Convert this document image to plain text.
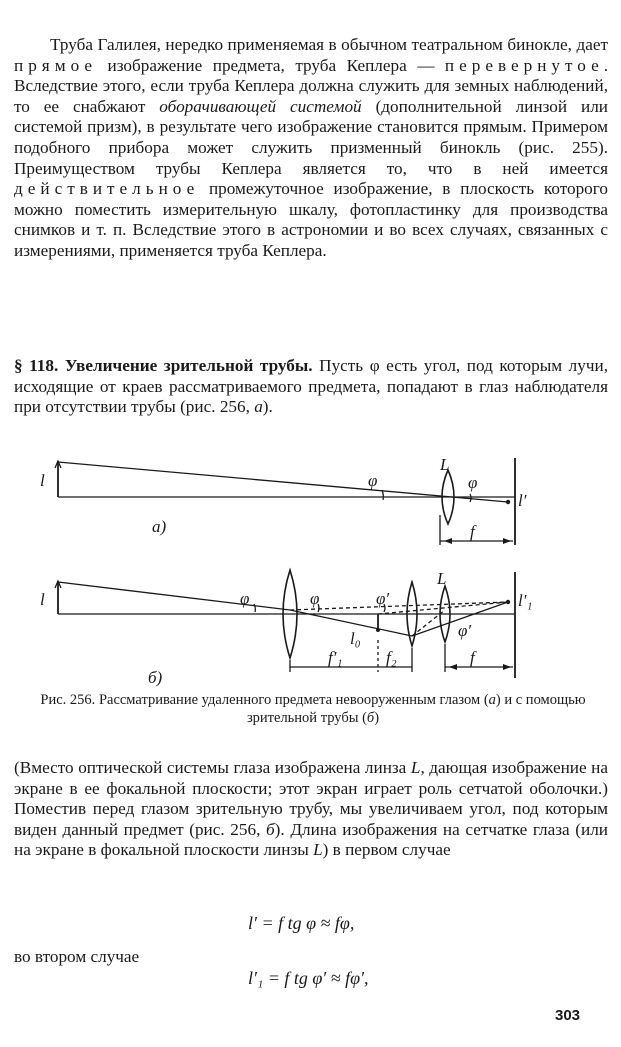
Труба Галилея, нередко применяемая в обычном театральном бинокле, дает прямое изображение предмета, труба Кеплера — перевернутое. Вследствие этого, если труба Кеплера должна служить для земных наблюдений, то ее снабжают оборачивающей системой (дополнительной линзой или системой призм), в результате чего изображение становится прямым. Примером подобного прибора может служить призменный бинокль (рис. 255). Преимуществом трубы Кеплера является то, что в ней имеется действительное промежуточное изображение, в плоскость которого можно поместить измерительную шкалу, фотопластинку для производства снимков и т. п. Вследствие этого в астрономии и во всех случаях, связанных с измерениями, применяется труба Кеплера.

§ 118. Увеличение зрительной трубы. Пусть φ есть угол, под которым лучи, исходящие от краев рассматриваемого предмета, попадают в глаз наблюдателя при отсутствии трубы (рис. 256, а).

l	φ
L
φ
l′
f
а)
l	φ	φ	φ′
L
φ′
l′₁
l₀
f′₁	f₂	f
б)
Рис. 256. Рассматривание удаленного предмета невооруженным глазом (а) и с помощью зрительной трубы (б)

(Вместо оптической системы глаза изображена линза L, дающая изображение на экране в ее фокальной плоскости; этот экран играет роль сетчатой оболочки.) Поместив перед глазом зрительную трубу, мы увеличиваем угол, под которым виден данный предмет (рис. 256, б). Длина изображения на сетчатке глаза (или на экране в фокальной плоскости линзы L) в первом случае

l′ = f tg φ ≈ fφ,
во втором случае
l′₁ = f tg φ′ ≈ fφ′,
303
